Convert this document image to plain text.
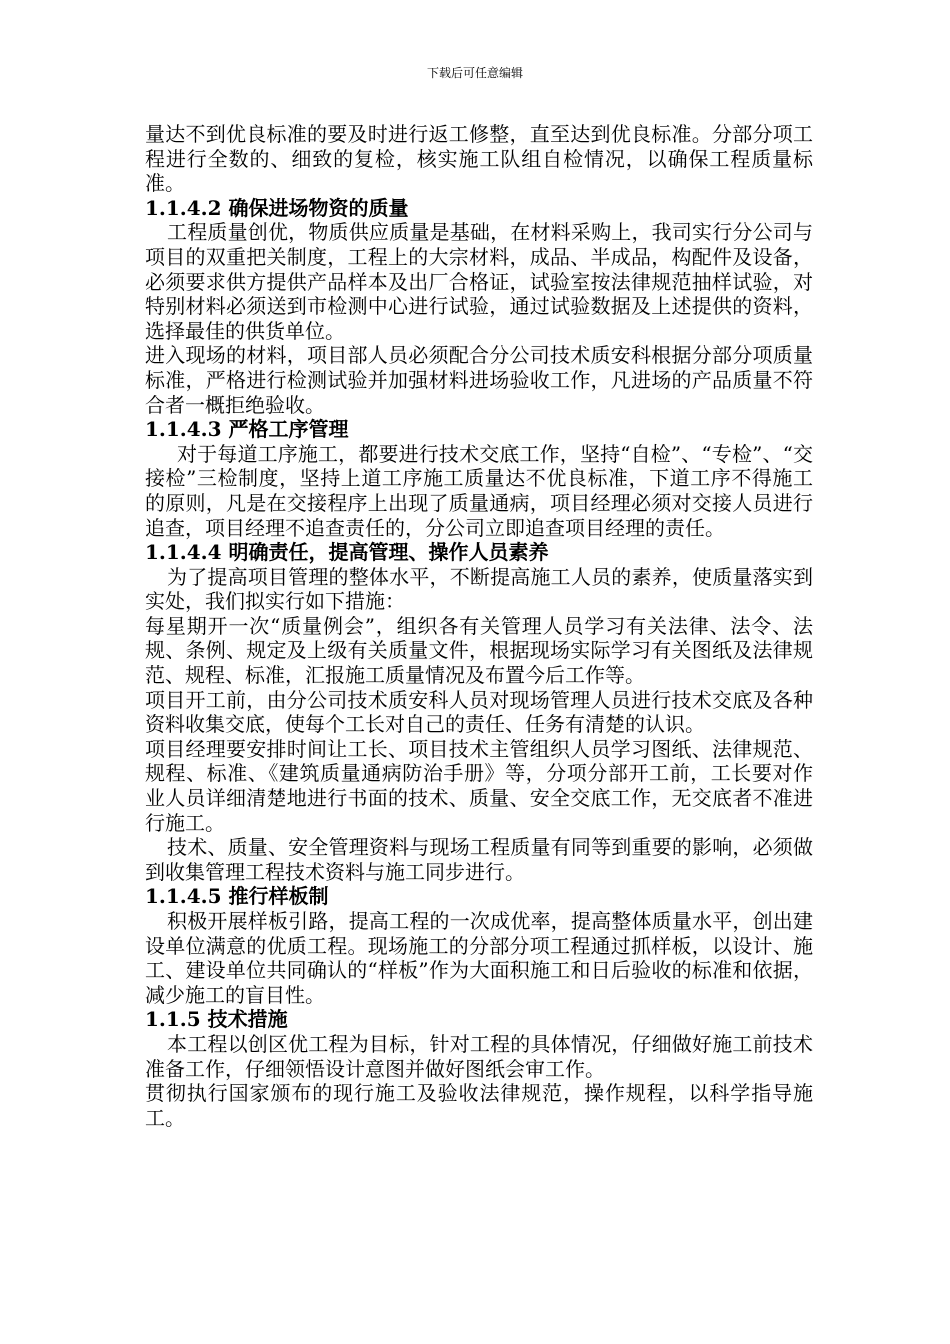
下载后可任意编辑

量达不到优良标准的要及时进行返工修整，直至达到优良标准。分部分项工程进行全数的、细致的复检，核实施工队组自检情况，以确保工程质量标准。

1.1.4.2 确保进场物资的质量

工程质量创优，物质供应质量是基础，在材料采购上，我司实行分公司与项目的双重把关制度，工程上的大宗材料，成品、半成品，构配件及设备，必须要求供方提供产品样本及出厂合格证，试验室按法律规范抽样试验，对特别材料必须送到市检测中心进行试验，通过试验数据及上述提供的资料，选择最佳的供货单位。

进入现场的材料，项目部人员必须配合分公司技术质安科根据分部分项质量标准，严格进行检测试验并加强材料进场验收工作，凡进场的产品质量不符合者一概拒绝验收。

1.1.4.3 严格工序管理

对于每道工序施工，都要进行技术交底工作，坚持“自检”、“专检”、“交接检”三检制度，坚持上道工序施工质量达不优良标准，下道工序不得施工的原则，凡是在交接程序上出现了质量通病，项目经理必须对交接人员进行追查，项目经理不追查责任的，分公司立即追查项目经理的责任。

1.1.4.4 明确责任，提高管理、操作人员素养

为了提高项目管理的整体水平，不断提高施工人员的素养，使质量落实到实处，我们拟实行如下措施：

每星期开一次“质量例会”，组织各有关管理人员学习有关法律、法令、法规、条例、规定及上级有关质量文件，根据现场实际学习有关图纸及法律规范、规程、标准，汇报施工质量情况及布置今后工作等。

项目开工前，由分公司技术质安科人员对现场管理人员进行技术交底及各种资料收集交底，使每个工长对自己的责任、任务有清楚的认识。

项目经理要安排时间让工长、项目技术主管组织人员学习图纸、法律规范、规程、标准、《建筑质量通病防治手册》等，分项分部开工前，工长要对作业人员详细清楚地进行书面的技术、质量、安全交底工作，无交底者不准进行施工。

技术、质量、安全管理资料与现场工程质量有同等到重要的影响，必须做到收集管理工程技术资料与施工同步进行。

1.1.4.5 推行样板制

积极开展样板引路，提高工程的一次成优率，提高整体质量水平，创出建设单位满意的优质工程。现场施工的分部分项工程通过抓样板，以设计、施工、建设单位共同确认的“样板”作为大面积施工和日后验收的标准和依据，减少施工的盲目性。

1.1.5 技术措施

本工程以创区优工程为目标，针对工程的具体情况，仔细做好施工前技术准备工作，仔细领悟设计意图并做好图纸会审工作。

贯彻执行国家颁布的现行施工及验收法律规范，操作规程，以科学指导施工。
